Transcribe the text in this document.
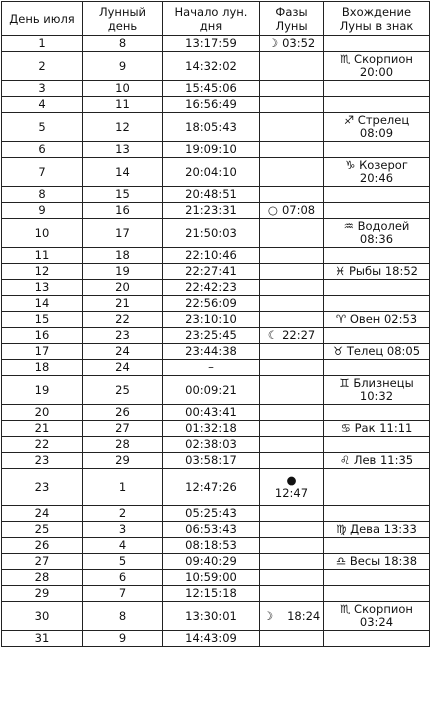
День июля	Лунный день	Начало лун. дня	Фазы Луны	Вхождение Луны в знак
1	8	13:17:59	☽ 03:52	

2	9	14:32:02		♏ Скорпион
20:00
3	10	15:45:06		
4	11	16:56:49		
5	12	18:05:43		♐ Стрелец
08:09
6	13	19:09:10		
7	14	20:04:10		♑ Козерог
20:46
8	15	20:48:51		
9	16	21:23:31	○ 07:08	

10	17	21:50:03		♒ Водолей
08:36
11	18	22:10:46		
12	19	22:27:41		♓ Рыбы 18:52
13	20	22:42:23		
14	21	22:56:09		
15	22	23:10:10		♈ Овен 02:53
16	23	23:25:45	☾ 22:27	

17	24	23:44:38		♉ Телец 08:05
18	24	–		
19	25	00:09:21		♊ Близнецы
10:32
20	26	00:43:41		
21	27	01:32:18		♋ Рак 11:11
22	28	02:38:03		
23	29	03:58:17		♌ Лев 11:35
23	1	12:47:26	●
12:47	

24	2	05:25:43		
25	3	06:53:43		♍ Дева 13:33
26	4	08:18:53		
27	5	09:40:29		♎ Весы 18:38
28	6	10:59:00		
29	7	12:15:18		
30	8	13:30:01	☽ 18:24	♏ Скорпион
03:24
31	9	14:43:09		
